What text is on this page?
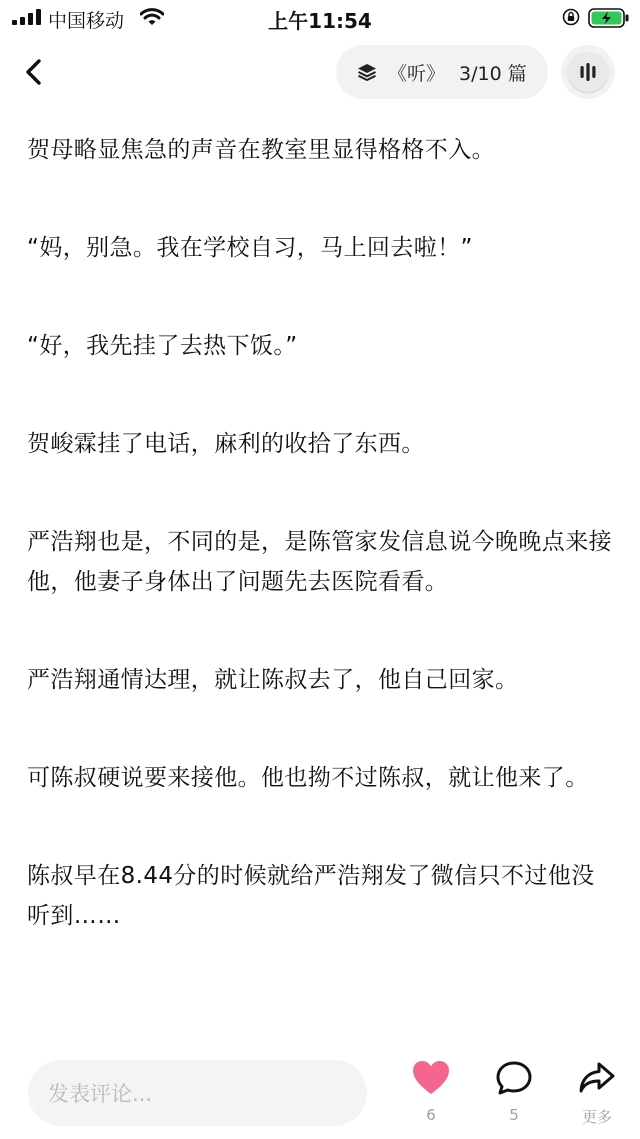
中国移动	上午11:54
《听》 3/10 篇

贺母略显焦急的声音在教室里显得格格不入。

“妈，别急。我在学校自习，马上回去啦！”

“好，我先挂了去热下饭。”

贺峻霖挂了电话，麻利的收拾了东西。

严浩翔也是，不同的是，是陈管家发信息说今晚晚点来接他，他妻子身体出了问题先去医院看看。

严浩翔通情达理，就让陈叔去了，他自己回家。

可陈叔硬说要来接他。他也拗不过陈叔，就让他来了。

陈叔早在8.44分的时候就给严浩翔发了微信只不过他没听到……

发表评论...
6	5	更多
